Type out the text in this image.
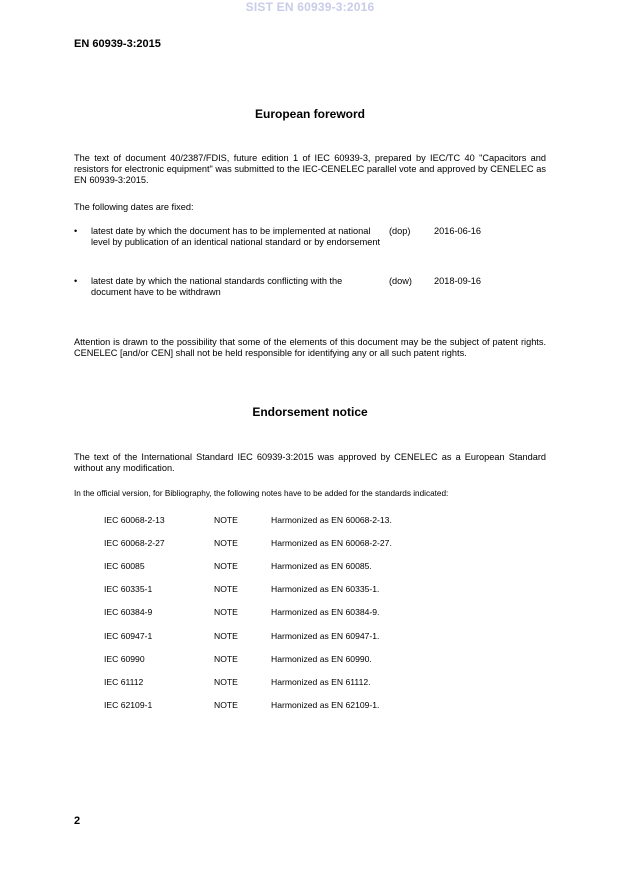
SIST EN 60939-3:2016
EN 60939-3:2015
European foreword
The text of document 40/2387/FDIS, future edition 1 of IEC 60939-3, prepared by IEC/TC 40 "Capacitors and resistors for electronic equipment" was submitted to the IEC-CENELEC parallel vote and approved by CENELEC as EN 60939-3:2015.
The following dates are fixed:
• latest date by which the document has to be implemented at national level by publication of an identical national standard or by endorsement
(dop)	2016-06-16
• latest date by which the national standards conflicting with the document have to be withdrawn
(dow) 2018-09-16
Attention is drawn to the possibility that some of the elements of this document may be the subject of patent rights. CENELEC [and/or CEN] shall not be held responsible for identifying any or all such patent rights.
Endorsement notice
The text of the International Standard IEC 60939-3:2015 was approved by CENELEC as a European Standard without any modification.
In the official version, for Bibliography, the following notes have to be added for the standards indicated:
IEC 60068-2-13	NOTE	Harmonized as EN 60068-2-13.
IEC 60068-2-27	NOTE	Harmonized as EN 60068-2-27.
IEC 60085	NOTE	Harmonized as EN 60085.
IEC 60335-1	NOTE	Harmonized as EN 60335-1.
IEC 60384-9	NOTE	Harmonized as EN 60384-9.
IEC 60947-1	NOTE	Harmonized as EN 60947-1.
IEC 60990	NOTE	Harmonized as EN 60990.
IEC 61112	NOTE	Harmonized as EN 61112.
IEC 62109-1	NOTE	Harmonized as EN 62109-1.
2
